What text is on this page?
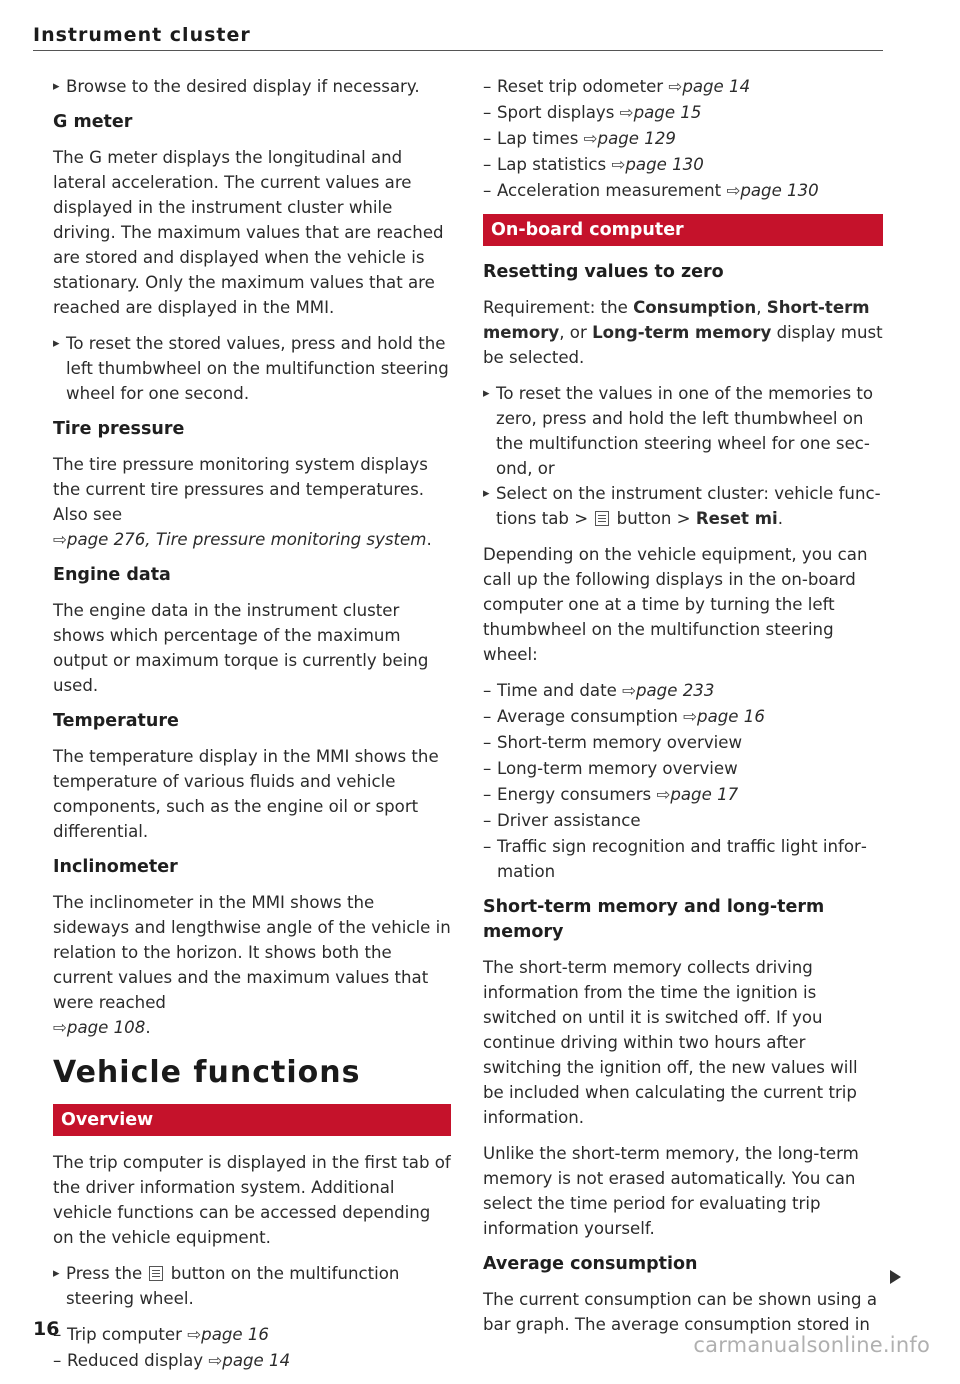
Instrument cluster
▸ Browse to the desired display if necessary.
G meter

The G meter displays the longitudinal and lateral acceleration. The current values are displayed in the instrument cluster while driving. The maximum values that are reached are stored and displayed when the vehicle is stationary. Only the maximum values that are reached are displayed in the MMI.

▸ To reset the stored values, press and hold the left thumbwheel on the multifunction steering wheel for one second.
Tire pressure

The tire pressure monitoring system displays the current tire pressures and temperatures. Also see
⇨page 276, Tire pressure monitoring system.

Engine data

The engine data in the instrument cluster shows which percentage of the maximum output or maximum torque is currently being used.

Temperature

The temperature display in the MMI shows the temperature of various fluids and vehicle components, such as the engine oil or sport differential.

Inclinometer

The inclinometer in the MMI shows the sideways and lengthwise angle of the vehicle in relation to the horizon. It shows both the current values and the maximum values that were reached
⇨page 108.

Vehicle functions
Overview

The trip computer is displayed in the first tab of the driver information system. Additional vehicle functions can be accessed depending on the vehicle equipment.

▸ Press the button on the multifunction steering wheel.
– Trip computer ⇨page 16
– Reduced display ⇨page 14
– Reset trip odometer ⇨page 14
– Sport displays ⇨page 15
– Lap times ⇨page 129
– Lap statistics ⇨page 130
– Acceleration measurement ⇨page 130
On-board computer
Resetting values to zero

Requirement: the Consumption, Short-term memory, or Long-term memory display must be selected.

▸ To reset the values in one of the memories to zero, press and hold the left thumbwheel on the multifunction steering wheel for one second, or
▸ Select on the instrument cluster: vehicle functions tab > button > Reset mi.

Depending on the vehicle equipment, you can call up the following displays in the on-board computer one at a time by turning the left thumbwheel on the multifunction steering wheel:

– Time and date ⇨page 233
– Average consumption ⇨page 16
– Short-term memory overview
– Long-term memory overview
– Energy consumers ⇨page 17
– Driver assistance
– Traffic sign recognition and traffic light information
Short-term memory and long-term memory

The short-term memory collects driving information from the time the ignition is switched on until it is switched off. If you continue driving within two hours after switching the ignition off, the new values will be included when calculating the current trip information.

Unlike the short-term memory, the long-term memory is not erased automatically. You can select the time period for evaluating trip information yourself.

Average consumption

The current consumption can be shown using a bar graph. The average consumption stored in

16
carmanualsonline.info
